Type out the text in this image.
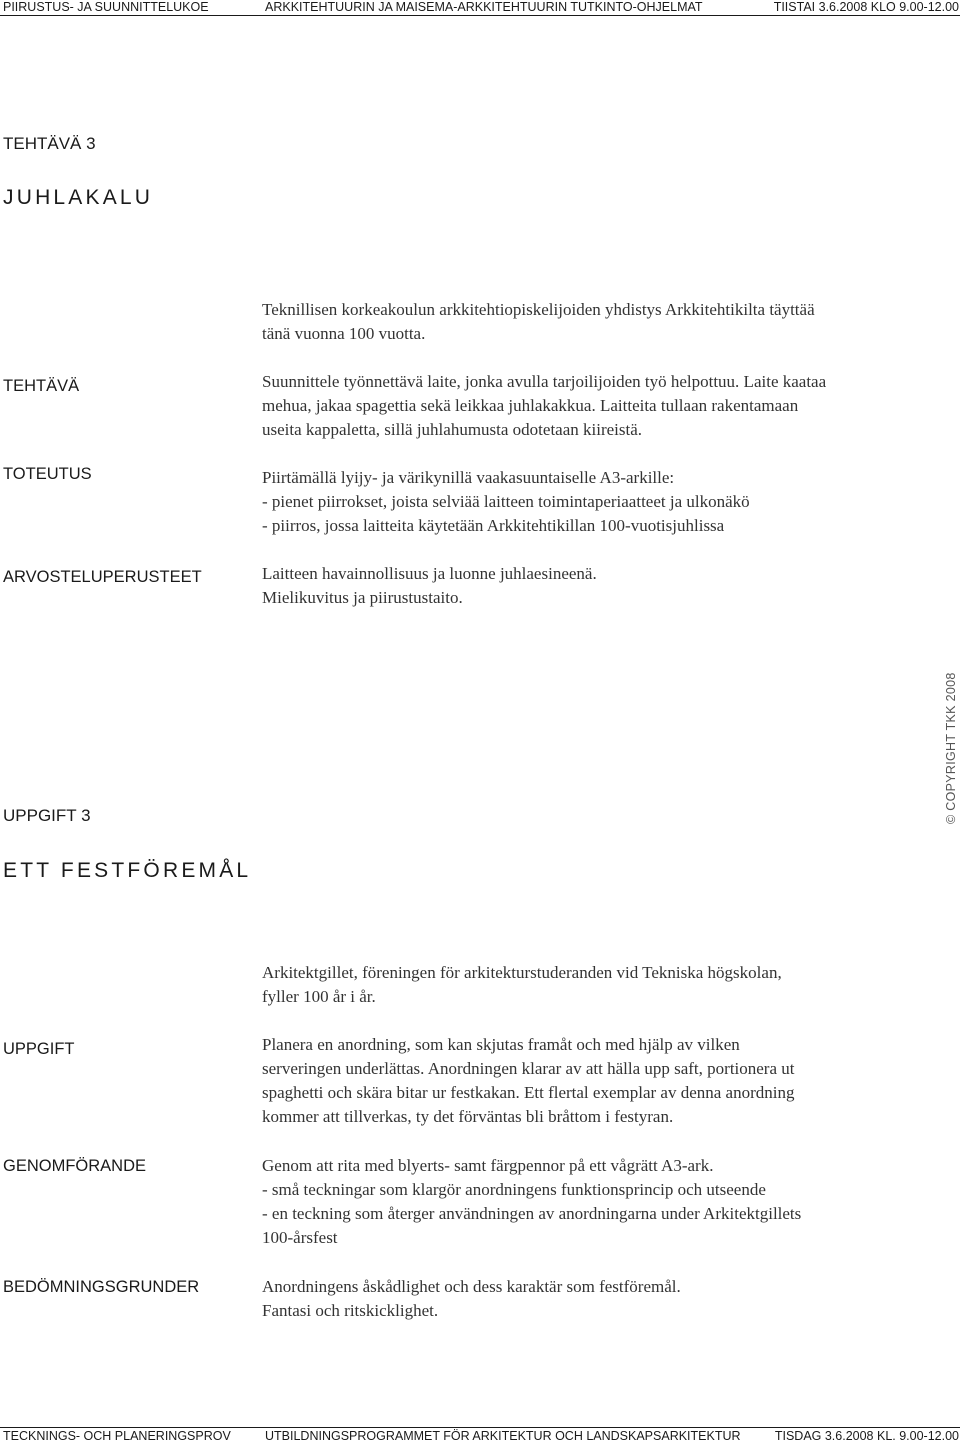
PIIRUSTUS- JA SUUNNITTELUKOE	ARKKITEHTUURIN JA MAISEMA-ARKKITEHTUURIN TUTKINTO-OHJELMAT	TIISTAI 3.6.2008 KLO 9.00-12.00
TEHTÄVÄ 3
JUHLAKALU
Teknillisen korkeakoulun arkkitehtiopiskelijoiden yhdistys Arkkitehtikilta täyttää
tänä vuonna 100 vuotta.
TEHTÄVÄ	Suunnittele työnnettävä laite, jonka avulla tarjoilijoiden työ helpottuu. Laite kaataa
mehua, jakaa spagettia sekä leikkaa juhlakakkua. Laitteita tullaan rakentamaan
useita kappaletta, sillä juhlahumusta odotetaan kiireistä.
TOTEUTUS	Piirtämällä lyijy- ja värikynillä vaakasuuntaiselle A3-arkille:
- pienet piirrokset, joista selviää laitteen toimintaperiaatteet ja ulkonäkö
- piirros, jossa laitteita käytetään Arkkitehtikillan 100-vuotisjuhlissa
ARVOSTELUPERUSTEET	Laitteen havainnollisuus ja luonne juhlaesineenä.
Mielikuvitus ja piirustustaito.
© COPYRIGHT TKK 2008
UPPGIFT 3
ETT FESTFÖREMÅL
Arkitektgillet, föreningen för arkitekturstuderanden vid Tekniska högskolan,
fyller 100 år i år.
UPPGIFT	Planera en anordning, som kan skjutas framåt och med hjälp av vilken
serveringen underlättas. Anordningen klarar av att hälla upp saft, portionera ut
spaghetti och skära bitar ur festkakan. Ett flertal exemplar av denna anordning
kommer att tillverkas, ty det förväntas bli bråttom i festyran.
GENOMFÖRANDE	Genom att rita med blyerts- samt färgpennor på ett vågrätt A3-ark.
- små teckningar som klargör anordningens funktionsprincip och utseende
- en teckning som återger användningen av anordningarna under Arkitektgillets
100-årsfest
BEDÖMNINGSGRUNDER	Anordningens åskådlighet och dess karaktär som festföremål.
Fantasi och ritskicklighet.
TECKNINGS- OCH PLANERINGSPROV	UTBILDNINGSPROGRAMMET FÖR ARKITEKTUR OCH LANDSKAPSARKITEKTUR	TISDAG 3.6.2008 KL. 9.00-12.00
